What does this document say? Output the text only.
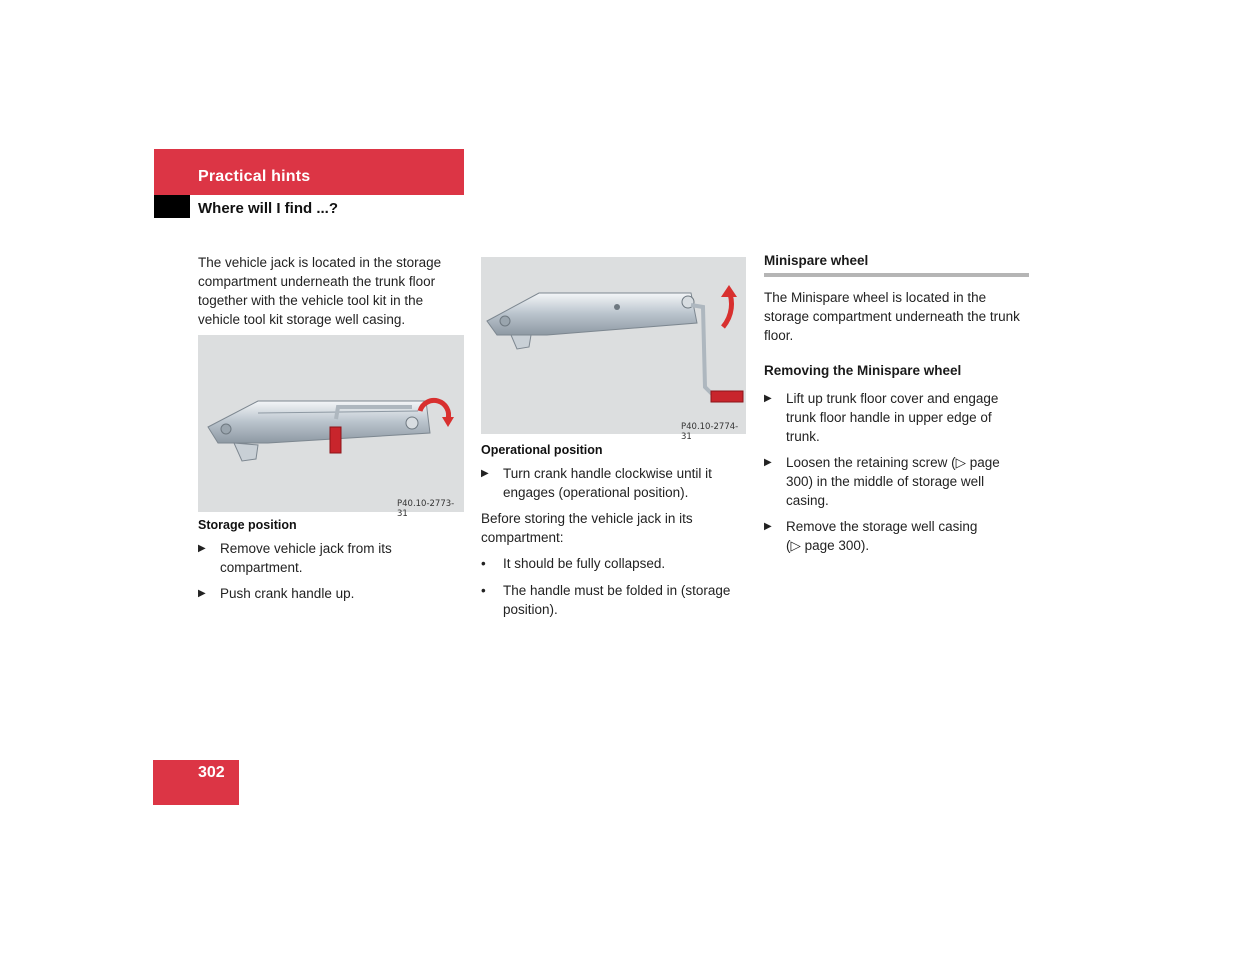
Practical hints
Where will I find ...?
The vehicle jack is located in the storage compartment underneath the trunk floor together with the vehicle tool kit in the vehicle tool kit storage well casing.
P40.10-2773-31
Storage position
▶ Remove vehicle jack from its compartment.
▶ Push crank handle up.
P40.10-2774-31
Operational position
▶ Turn crank handle clockwise until it engages (operational position).
Before storing the vehicle jack in its compartment:
• It should be fully collapsed.
• The handle must be folded in (storage position).
Minispare wheel
The Minispare wheel is located in the storage compartment underneath the trunk floor.
Removing the Minispare wheel
▶ Lift up trunk floor cover and engage trunk floor handle in upper edge of trunk.
▶ Loosen the retaining screw (▷ page 300) in the middle of storage well casing.
▶ Remove the storage well casing (▷ page 300).
302
